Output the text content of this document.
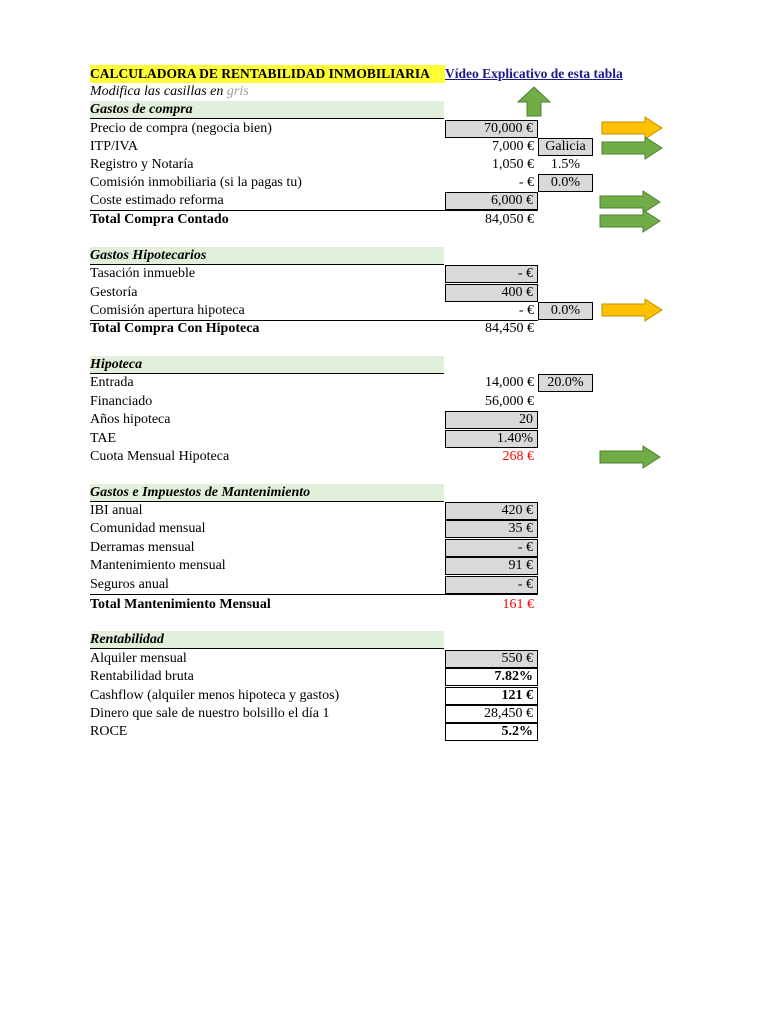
CALCULADORA DE RENTABILIDAD INMOBILIARIA	Vídeo Explicativo de esta tabla
Modifica las casillas en gris
Gastos de compra
Precio de compra (negocia bien)	70,000 €
ITP/IVA	7,000 € Galicia
Registro y Notaría	1,050 €	1.5%
Comisión inmobiliaria (si la pagas tu)	- €	0.0%
Coste estimado reforma	6,000 €
Total Compra Contado	84,050 €
Gastos Hipotecarios
Tasación inmueble	- €
Gestoría	400 €
Comisión apertura hipoteca	- €	0.0%
Total Compra Con Hipoteca	84,450 €
Hipoteca
Entrada	14,000 € 20.0%
Financiado	56,000 €
Años hipoteca	20
TAE	1.40%
Cuota Mensual Hipoteca	268 €
Gastos e Impuestos de Mantenimiento
IBI anual	420 €
Comunidad mensual	35 €
Derramas mensual	- €
Mantenimiento mensual	91 €
Seguros anual	- €
Total Mantenimiento Mensual	161 €
Rentabilidad
Alquiler mensual	550 €
Rentabilidad bruta	7.82%
Cashflow (alquiler menos hipoteca y gastos)	121 €
Dinero que sale de nuestro bolsillo el día 1	28,450 €
ROCE	5.2%
